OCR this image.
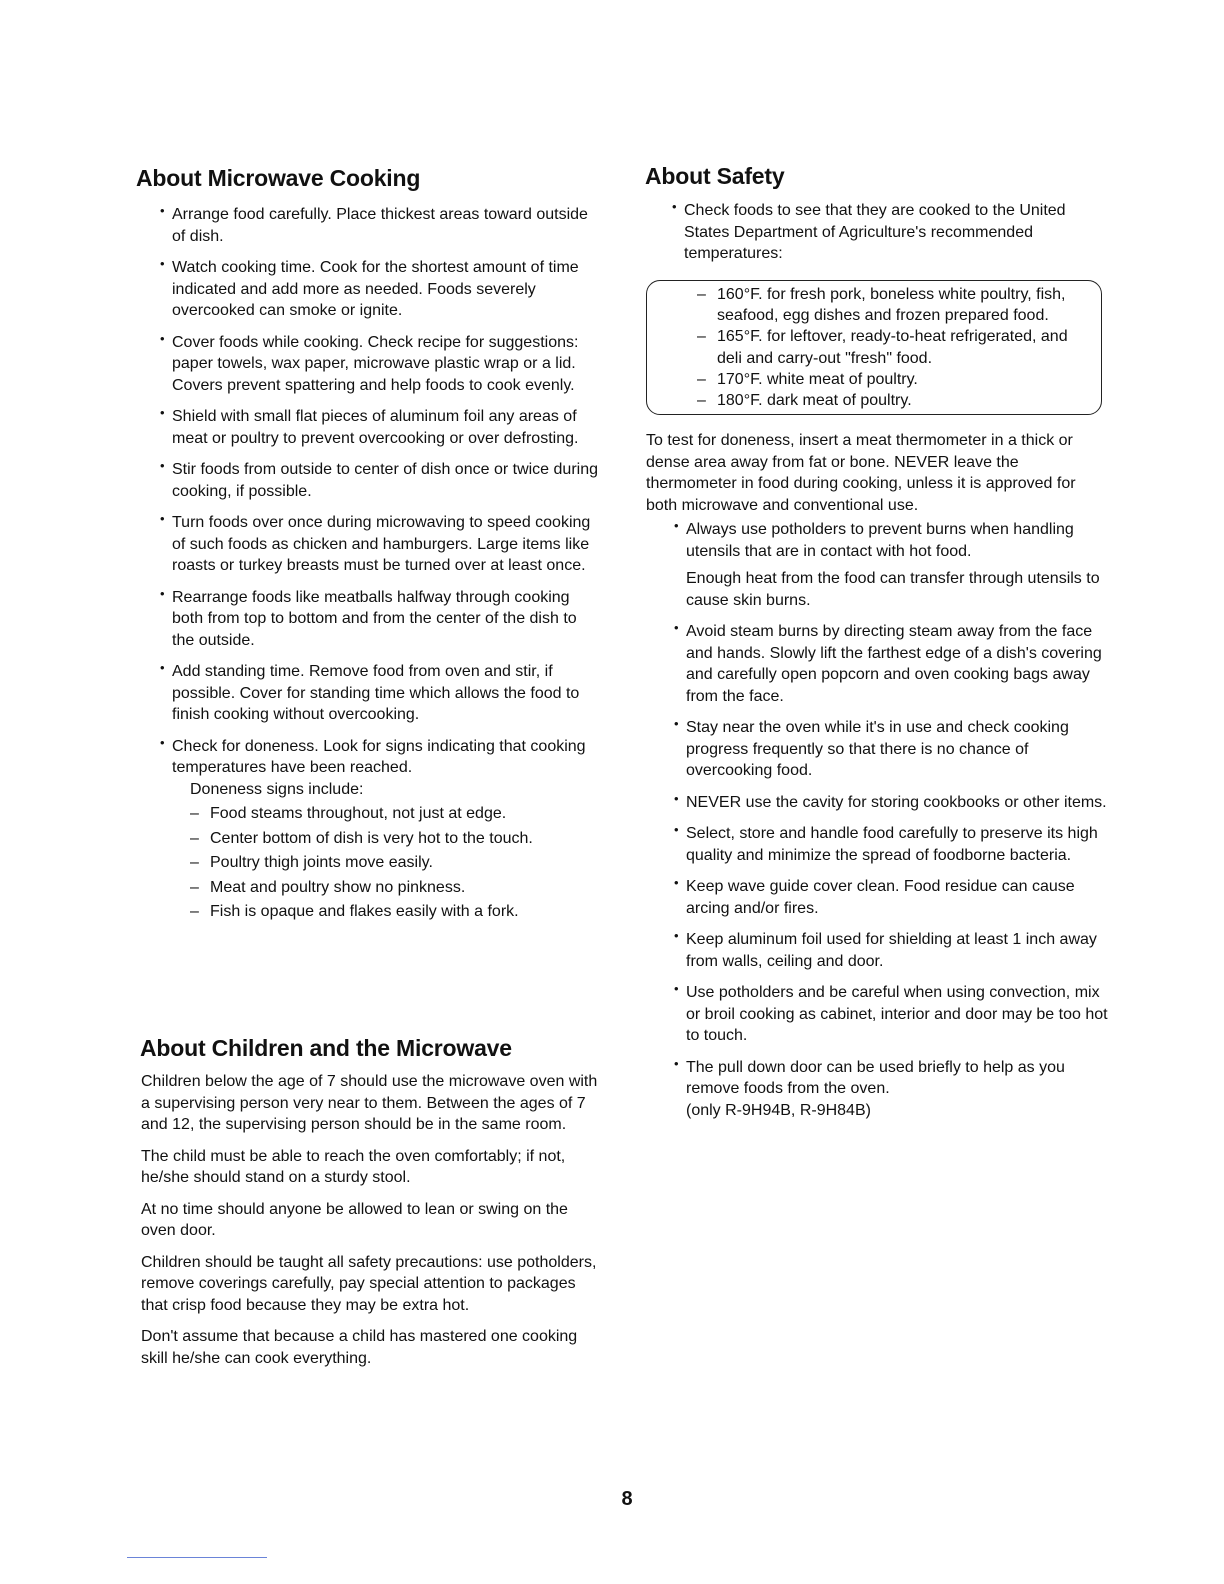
About Microwave Cooking
• Arrange food carefully. Place thickest areas toward outside of dish.
• Watch cooking time. Cook for the shortest amount of time indicated and add more as needed. Foods severely overcooked can smoke or ignite.
• Cover foods while cooking. Check recipe for suggestions: paper towels, wax paper, microwave plastic wrap or a lid. Covers prevent spattering and help foods to cook evenly.
• Shield with small flat pieces of aluminum foil any areas of meat or poultry to prevent overcooking or over defrosting.
• Stir foods from outside to center of dish once or twice during cooking, if possible.
• Turn foods over once during microwaving to speed cooking of such foods as chicken and hamburgers. Large items like roasts or turkey breasts must be turned over at least once.
• Rearrange foods like meatballs halfway through cooking both from top to bottom and from the center of the dish to the outside.
• Add standing time. Remove food from oven and stir, if possible. Cover for standing time which allows the food to finish cooking without overcooking.
• Check for doneness. Look for signs indicating that cooking temperatures have been reached.
Doneness signs include:
– Food steams throughout, not just at edge.
– Center bottom of dish is very hot to the touch.
– Poultry thigh joints move easily.
– Meat and poultry show no pinkness.
– Fish is opaque and flakes easily with a fork.
About Children and the Microwave

Children below the age of 7 should use the microwave oven with a supervising person very near to them. Between the ages of 7 and 12, the supervising person should be in the same room.

The child must be able to reach the oven comfortably; if not, he/she should stand on a sturdy stool.

At no time should anyone be allowed to lean or swing on the oven door.

Children should be taught all safety precautions: use potholders, remove coverings carefully, pay special attention to packages that crisp food because they may be extra hot.

Don't assume that because a child has mastered one cooking skill he/she can cook everything.

About Safety
• Check foods to see that they are cooked to the United States Department of Agriculture's recommended temperatures:
– 160°F. for fresh pork, boneless white poultry, fish, seafood, egg dishes and frozen prepared food.
– 165°F. for leftover, ready-to-heat refrigerated, and deli and carry-out "fresh" food.
– 170°F. white meat of poultry.
– 180°F. dark meat of poultry.

To test for doneness, insert a meat thermometer in a thick or dense area away from fat or bone. NEVER leave the thermometer in food during cooking, unless it is approved for both microwave and conventional use.

• Always use potholders to prevent burns when handling utensils that are in contact with hot food.
Enough heat from the food can transfer through utensils to cause skin burns.
• Avoid steam burns by directing steam away from the face and hands. Slowly lift the farthest edge of a dish's covering and carefully open popcorn and oven cooking bags away from the face.
• Stay near the oven while it's in use and check cooking progress frequently so that there is no chance of overcooking food.
• NEVER use the cavity for storing cookbooks or other items.
• Select, store and handle food carefully to preserve its high quality and minimize the spread of foodborne bacteria.
• Keep wave guide cover clean. Food residue can cause arcing and/or fires.
• Keep aluminum foil used for shielding at least 1 inch away from walls, ceiling and door.
• Use potholders and be careful when using convection, mix or broil cooking as cabinet, interior and door may be too hot to touch.
• The pull down door can be used briefly to help as you remove foods from the oven.
(only R-9H94B, R-9H84B)
8
